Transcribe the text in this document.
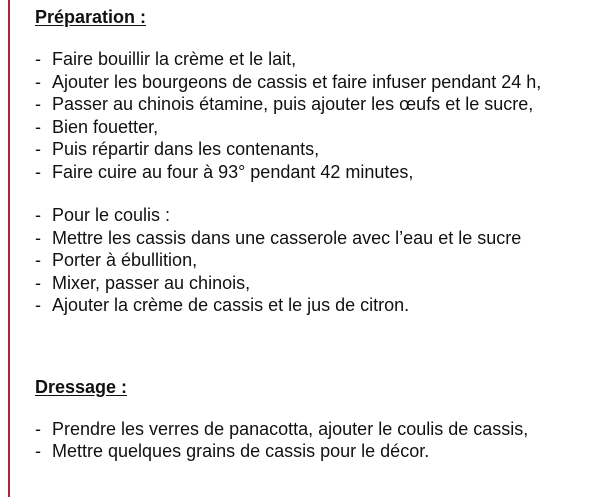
Préparation :
- Faire bouillir la crème et le lait,
- Ajouter les bourgeons de cassis et faire infuser pendant 24 h,
- Passer au chinois étamine, puis ajouter les œufs et le sucre,
- Bien fouetter,
- Puis répartir dans les contenants,
- Faire cuire au four à 93° pendant 42 minutes,
- Pour le coulis :
- Mettre les cassis dans une casserole avec l’eau et le sucre
- Porter à ébullition,
- Mixer, passer au chinois,
- Ajouter la crème de cassis et le jus de citron.
Dressage :
- Prendre les verres de panacotta, ajouter le coulis de cassis,
- Mettre quelques grains de cassis pour le décor.
